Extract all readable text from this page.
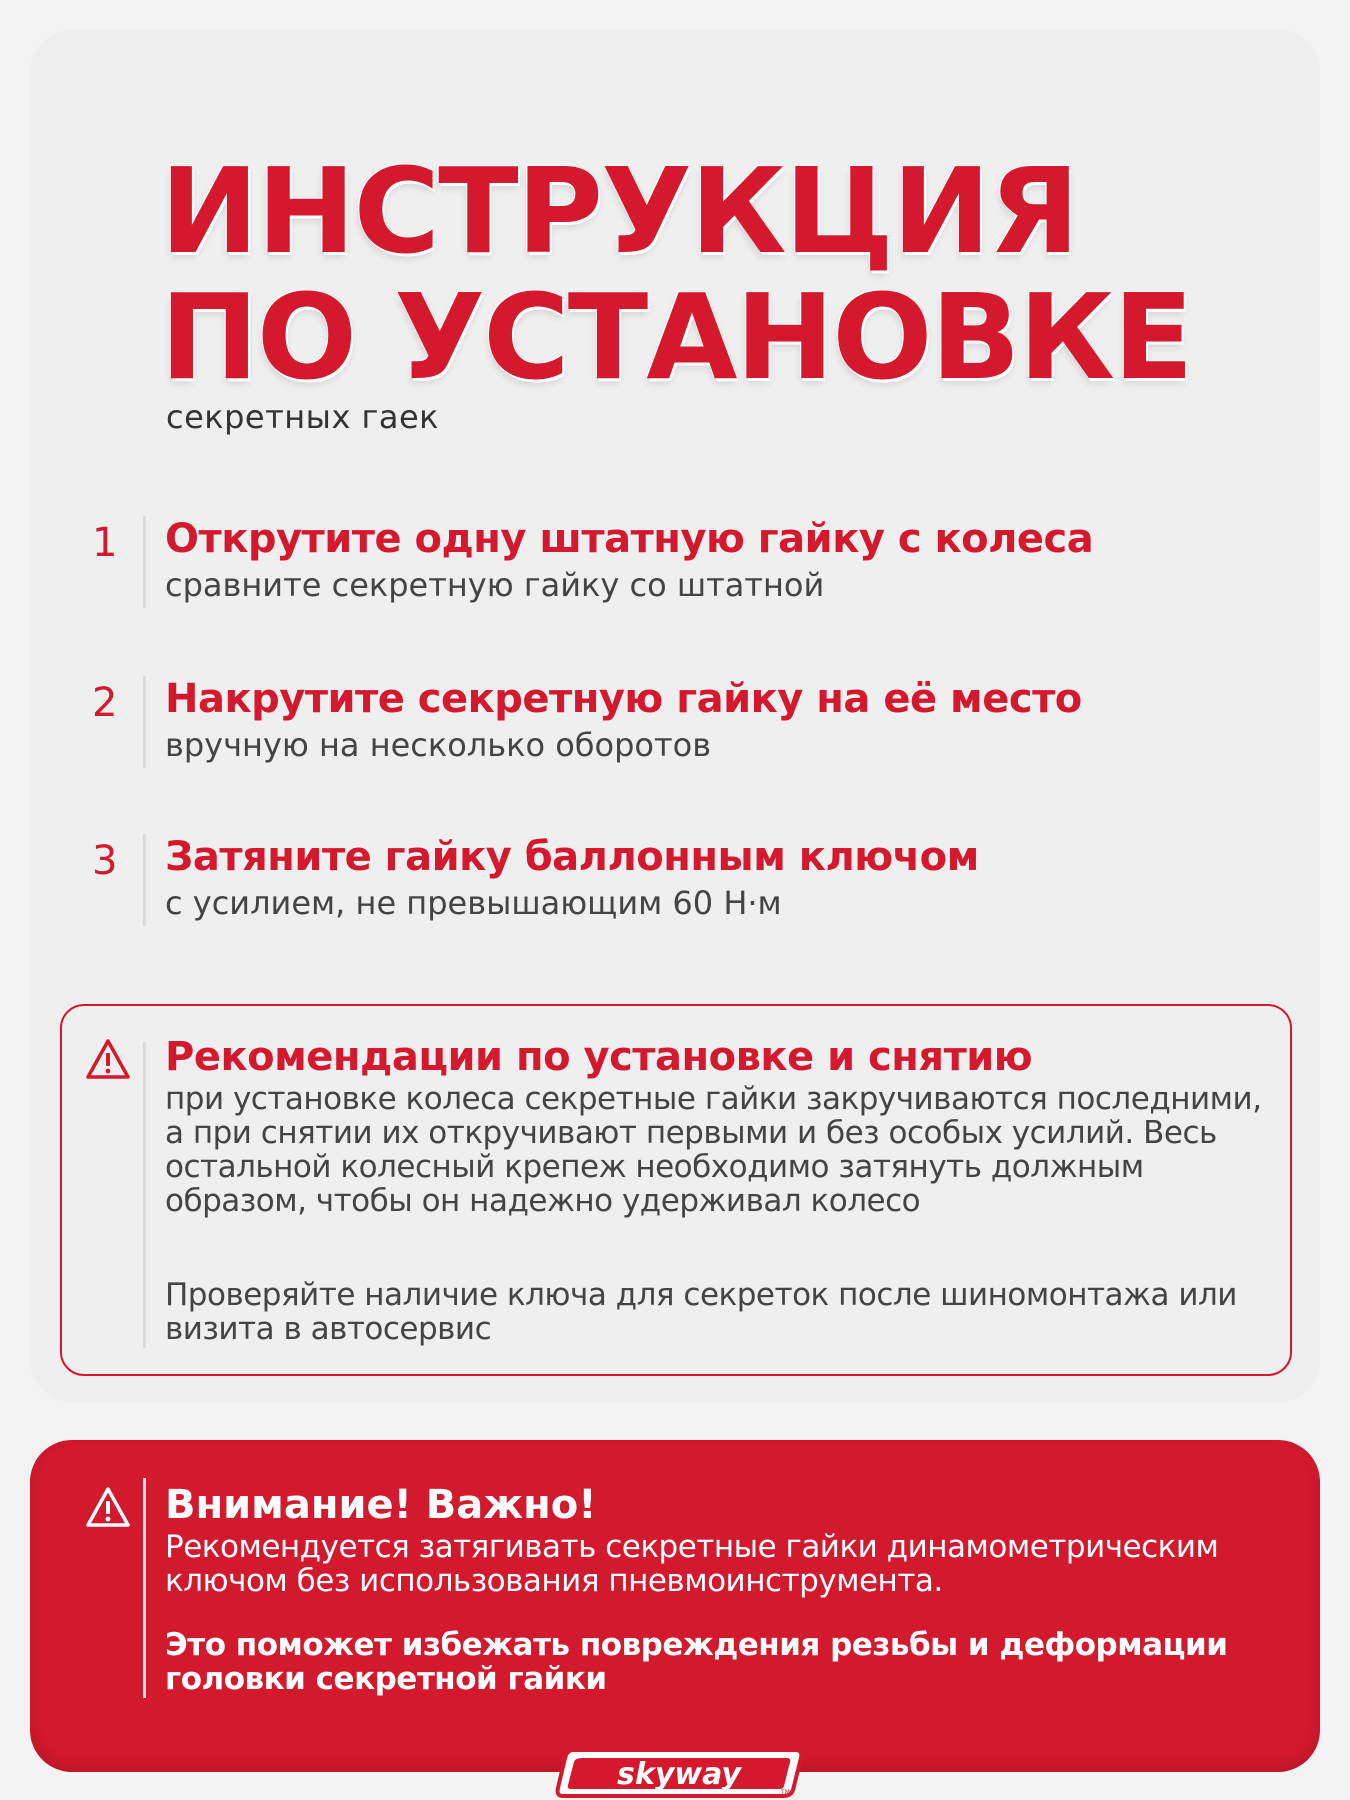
ИНСТРУКЦИЯ
ПО УСТАНОВКЕ

секретных гаек

1 Открутите одну штатную гайку с колеса
сравните секретную гайку со штатной
2 Накрутите секретную гайку на её место
вручную на несколько оборотов
3 Затяните гайку баллонным ключом
с усилием, не превышающим 60 Н·м
Рекомендации по установке и снятию

при установке колеса секретные гайки закручиваются последними, а при снятии их откручивают первыми и без особых усилий. Весь остальной колесный крепеж необходимо затянуть должным образом, чтобы он надежно удерживал колесо

Проверяйте наличие ключа для секреток после шиномонтажа или визита в автосервис

Внимание! Важно!

Рекомендуется затягивать секретные гайки динамометрическим ключом без использования пневмоинструмента.

Это поможет избежать повреждения резьбы и деформации головки секретной гайки

skyway
TM
